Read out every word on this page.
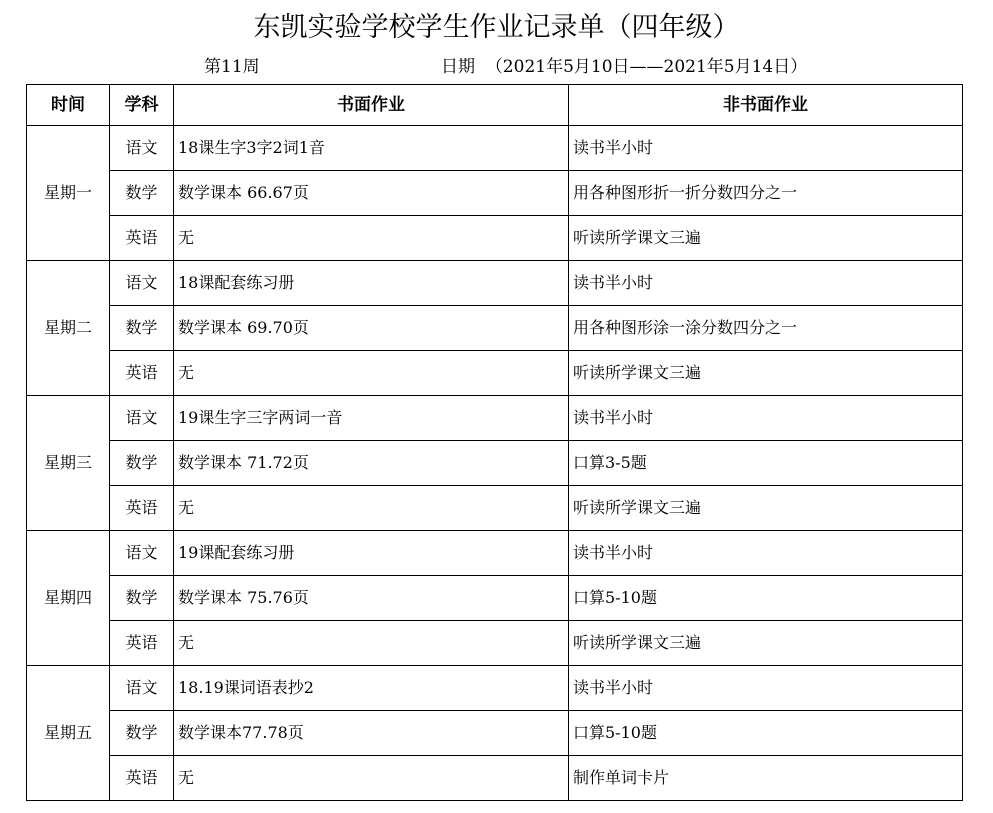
东凯实验学校学生作业记录单（四年级）
第11周	日期  （2021年5月10日——2021年5月14日）
时间	学科	书面作业	非书面作业
星期一	语文	18课生字3字2词1音	读书半小时
	数学	数学课本 66.67页	用各种图形折一折分数四分之一
	英语	无	听读所学课文三遍
星期二	语文	18课配套练习册	读书半小时
	数学	数学课本 69.70页	用各种图形涂一涂分数四分之一
	英语	无	听读所学课文三遍
星期三	语文	19课生字三字两词一音	读书半小时
	数学	数学课本 71.72页	口算3-5题
	英语	无	听读所学课文三遍
星期四	语文	19课配套练习册	读书半小时
	数学	数学课本 75.76页	口算5-10题
	英语	无	听读所学课文三遍
星期五	语文	18.19课词语表抄2	读书半小时
	数学	数学课本77.78页	口算5-10题
	英语	无	制作单词卡片
